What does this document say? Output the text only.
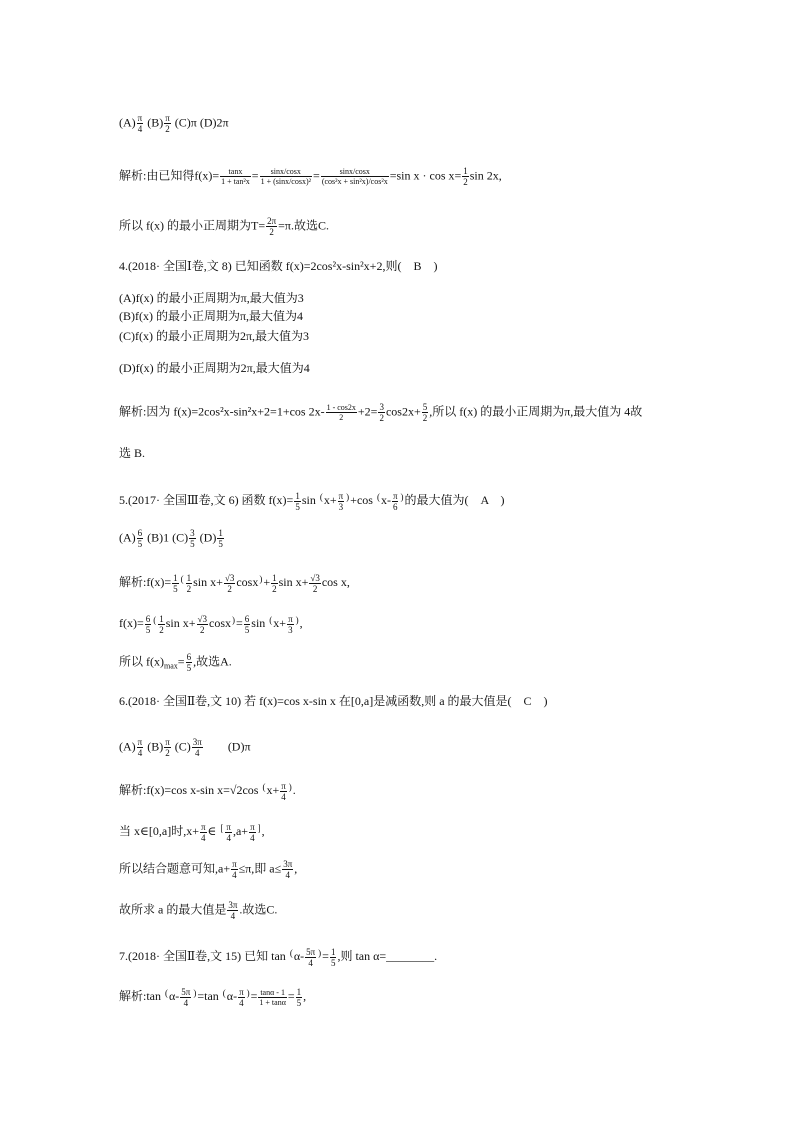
$(A) \frac{\pi}{4} (B) \frac{\pi}{2} (C)\pi$ (D)2π
解析:由已知得$f(x)= \frac{\tan x}{\text{1 + tan²x}} = \frac{\sin x/\cos x}{\text{1 + (sinx/cosx)²}} = \frac{\sin x/\cos x}{\text{(cos²x + sin²x)/cos²x}} =\sin$ $x \cdot \cos x= \frac{1}{2}$ sin 2x,
所以 f(x) 的最小正周期为$T= \frac{2\pi}{2} =\pi$.故选C.
4.(2018· 全国Ⅰ卷,文 8) 已知函数 f(x)=2cos²x-sin²x+2,则(　B　)
(A)f(x) 的最小正周期为π,最大值为3
(B)f(x) 的最小正周期为π,最大值为4
(C)f(x) 的最小正周期为2π,最大值为3
(D)f(x) 的最小正周期为2π,最大值为4
解析:因为 f(x)=2cos²x-sin²x+2=1+cos $2x- \frac{1 - \cos 2x}{2} +2= \frac{3}{2} \cos 2x+ \frac{5}{2}$ ,所以 f(x) 的最小正周期为π,最大值为 4故
选 B.
5.(2017· 全国Ⅲ卷,文 6) 函数 $f(x)= \frac{1}{5}$ $\sin ^(x+ \frac{\pi}{3} ^)+\cos$ $^(x- \frac{\pi}{6} ^)$的最大值为(　A　)
$(A) \frac{6}{5} (B)1$ $(C) \frac{3}{5} (D) \frac{1}{5}$
解析:f(x)= $\frac{1}{5} ^( \frac{1}{2}$ $\sin x+ \frac{√3}{2} \cos x^)+ \frac{1}{2}$ $\sin x+ \frac{√3}{2}$ cos x,
$f(x)= \frac{6}{5} ^( \frac{1}{2}$ $\sin x+ \frac{√3}{2} \cos x^)= \frac{6}{5}$ $\sin ^(x+ \frac{\pi}{3} ^)$,
所以 $f(x)_{max}= \frac{6}{5}$ ,故选A.
6.(2018· 全国Ⅱ卷,文 10) 若 f(x)=cos x-sin x 在[0,a]是减函数,则 a 的最大值是(　C　)
$(A) \frac{\pi}{4} (B) \frac{\pi}{2} (C) \frac{3\pi}{4}$ 　　(D)π
解析:f(x)=cos x-sin x=√2cos $^(x+ \frac{\pi}{4} ^)$.
当 x∈[0,a]时$,x+ \frac{\pi}{4}$ ∈ $^[ \frac{\pi}{4} ,a+ \frac{\pi}{4} ^]$,
所以结合题意可知$,a+ \frac{\pi}{4} \le\pi$,即 $a\le \frac{3\pi}{4}$ ,
故所求 a 的最大值是 $\frac{3\pi}{4}$ .故选C.
7.(2018· 全国Ⅱ卷,文 15) 已知 $\tan ^(\alpha- \frac{5\pi}{4} ^)= \frac{1}{5}$ ,则 tan α=________.
解析:tan $^(\alpha- \frac{5\pi}{4} ^)=\tan$ $^(\alpha- \frac{\pi}{4} ^)= \frac{\tan\alpha - 1}{1 + \tan\alpha} = \frac{1}{5}$ ,
